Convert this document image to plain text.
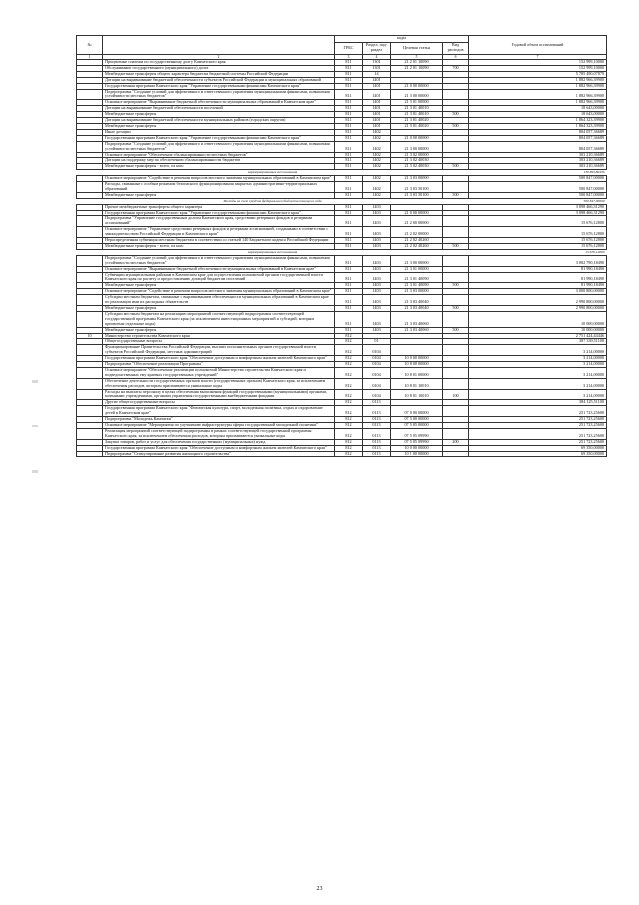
№		коды				Годовой объем ассигнований
		ГРБС	Раздел, под- раздел	Целевая статья	Вид расходов	
1	2	3	4	5	6	7
	Процентные платежи по государственному долгу Камчатского края	811	1301	21 2 01 10090		152 999,10000
	Обслуживание государственного (муниципального) долга	811	1301	21 2 01 10090	700	152 999,10000
	Межбюджетные трансферты общего характера бюджетам бюджетной системы Российской Федерации	811	14			5 785 490,07879
	Дотации на выравнивание бюджетной обеспеченности субъектов Российской Федерации и муниципальных образований	811	1401			1 882 966,39900
	Государственная программа Камчатского края "Управление государственными финансами Камчатского края"	811	1401	21 0 00 00000		1 882 966,39900
	Подпрограмма "Создание условий для эффективного и ответственного управления муниципальными финансами, повышения устойчивости местных бюджетов"	811	1401	21 3 00 00000		1 882 966,39900
	Основное мероприятие "Выравнивание бюджетной обеспеченности муниципальных образований в Камчатском крае"	811	1401	21 3 01 00000		1 882 966,39900
	Дотации на выравнивание бюджетной обеспеченности поселений	811	1401	21 3 01 40010		18 643,00000
	Межбюджетные трансферты	811	1401	21 3 01 40010	500	18 643,00000
	Дотации на выравнивание бюджетной обеспеченности муниципальных районов (городских округов)	811	1401	21 3 01 40020		1 864 323,39900
	Межбюджетные трансферты	811	1401	21 3 01 40020	500	1 864 323,39900
	Иные дотации	811	1402			804 057,36689
	Государственная программа Камчатского края "Управление государственными финансами Камчатского края"	811	1402	21 0 00 00000		804 057,36689
	Подпрограмма "Создание условий для эффективного и ответственного управления муниципальными финансами, повышения устойчивости местных бюджетов"	811	1402	21 3 00 00000		804 057,36689
	Основное мероприятие "Обеспечение сбалансированности местных бюджетов"	811	1402	21 3 02 00000		303 210,36689
	Дотации на поддержку мер по обеспечению сбалансированности бюджетов	811	1402	21 3 02 40030		303 210,36689
	Межбюджетные трансферты - всего, из них:	811	1402	21 3 02 40030	500	303 210,36689
зарезервированные ассигнования						130 895,80436
	Основное мероприятие "Содействие в решении вопросов местного значения муниципальных образований в Камчатском крае"	811	1402	21 3 03 00000		500 847,00000
	Расходы, связанные с особым режимом безопасного функционирования закрытых административно-территориальных образований	811	1402	21 3 03 50100		500 847,00000
	Межбюджетные трансферты	811	1402	21 3 03 50100	500	500 847,00000
Расходы за счет средств федерального бюджета текущего года						500 847,00000
	Прочие межбюджетные трансферты общего характера	811	1403			3 098 466,31290
	Государственная программа Камчатского края "Управление государственными финансами Камчатского края"	811	1403	21 0 00 00000		3 098 466,31290
	Подпрограмма "Управление государственным долгом Камчатского края, средствами резервных фондов и резервами ассигнований"	811	1403	21 2 00 00000		15 676,12800
	Основное мероприятие "Управление средствами резервных фондов и резервами ассигнований, созданными в соответствии с законодательством Российской Федерации и Камчатского края"	811	1403	21 2 02 00000		15 676,12800
	Нераспределенная субвенция местным бюджетам в соответствии со статьей 140 Бюджетного кодекса Российской Федерации	811	1403	21 2 02 40260		15 676,12800
	Межбюджетные трансферты - всего, из них:	811	1403	21 2 02 40260	500	15 676,12800
зарезервированные ассигнования						15 676,12800
	Подпрограмма "Создание условий для эффективного и ответственного управления муниципальными финансами, повышения устойчивости местных бюджетов"	811	1403	21 3 00 00000		3 082 790,18490
	Основное мероприятие "Выравнивание бюджетной обеспеченности муниципальных образований в Камчатском крае"	811	1403	21 3 01 00000		81 990,18490
	Субвенции муниципальным районам в Камчатском крае для осуществления полномочий органов государственной власти Камчатского края по расчету и предоставлению дотаций бюджетам поселений	811	1403	21 3 01 40090		81 990,18490
	Межбюджетные трансферты	811	1403	21 3 01 40090	500	81 990,18490
	Основное мероприятие "Содействие в решении вопросов местного значения муниципальных образований в Камчатском крае"	811	1403	21 3 03 00000		3 000 800,00000
	Субсидии местным бюджетам, связанные с выравниванием обеспеченности муниципальных образований в Камчатском крае по реализации ими их расходных обязательств	811	1403	21 3 03 40040		2 990 800,00000
	Межбюджетные трансферты	811	1403	21 3 03 40040	500	2 990 800,00000
	Субсидии местным бюджетам на реализацию мероприятий соответствующей подпрограммы соответствующей государственной программы Камчатского края (за исключением инвестиционных мероприятий и субсидий, которым присвоены отдельные коды)	811	1403	21 3 03 40060		10 000,00000
	Межбюджетные трансферты	811	1403	21 3 03 40060	500	10 000,00000
10	Министерство строительства Камчатского края	812				2 751 424,44446
	Общегосударственные вопросы	812	01			387 339,51100
	Функционирование Правительства Российской Федерации, высших исполнительных органов государственной власти субъектов Российской Федерации, местных администраций	812	0104			3 214,00000
	Государственная программа Камчатского края "Обеспечение доступным и комфортным жильем жителей Камчатского края"	812	0104	10 0 00 00000		3 214,00000
	Подпрограмма "Обеспечение реализации Программы"	812	0104	10 8 00 00000		3 214,00000
	Основное мероприятие "Обеспечение реализации полномочий Министерства строительства Камчатского края и подведомственных ему краевых государственных учреждений"	812	0104	10 8 01 00000		3 214,00000
	Обеспечение деятельности государственных органов власти (государственных органов) Камчатского края, за исключением обеспечения расходов, которым присваиваются уникальные коды	812	0104	10 8 01 10010		3 214,00000
	Расходы на выплаты персоналу в целях обеспечения выполнения функций государственными (муниципальными) органами, казенными учреждениями, органами управления государственными внебюджетными фондами	812	0104	10 8 01 10010	100	3 214,00000
	Другие общегосударственные вопросы	812	0113			384 125,51100
	Государственная программа Камчатского края "Физическая культура, спорт, молодежная политика, отдых и оздоровление детей в Камчатском крае"	812	0113	07 0 00 00000		251 723,25600
	Подпрограмма "Молодежь Камчатки"	812	0113	07 5 00 00000		251 723,25600
	Основное мероприятие "Мероприятия по улучшению инфраструктуры сферы государственной молодежной политики"	812	0113	07 5 05 00000		251 723,25600
	Реализация мероприятий соответствующей подпрограммы в рамках соответствующей государственной программы Камчатского края, за исключением обеспечения расходов, которым присваиваются уникальные коды	812	0113	07 5 05 09990		251 723,25600
	Закупка товаров, работ и услуг для обеспечения государственных (муниципальных) нужд	812	0113	07 5 05 09990	200	251 723,25600
	Государственная программа Камчатского края "Обеспечение доступным и комфортным жильем жителей Камчатского края"	812	0113	10 0 00 00000		69 350,00000
	Подпрограмма "Стимулирование развития жилищного строительства"	812	0113	10 1 00 00000		69 350,00000
23
